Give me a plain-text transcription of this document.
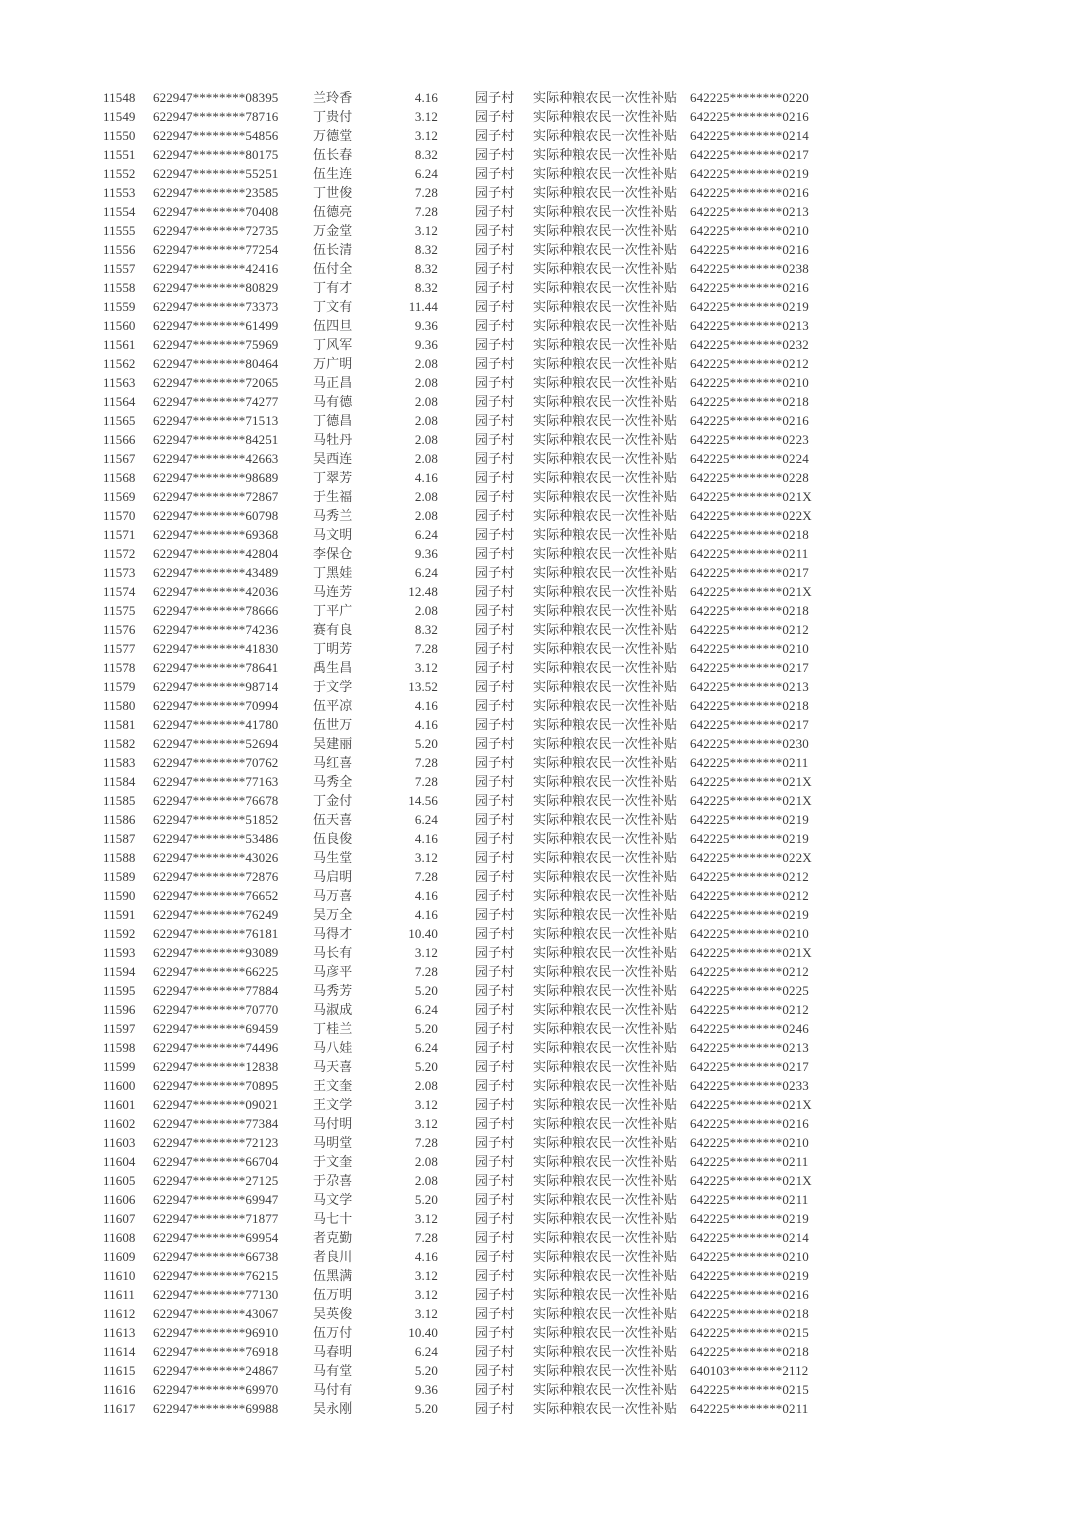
11548	622947********08395	兰玲香	4.16	园子村	实际种粮农民一次性补贴 642225********0220
11549	622947********78716	丁贵付	3.12	园子村	实际种粮农民一次性补贴 642225********0216
11550	622947********54856	万德堂	3.12	园子村	实际种粮农民一次性补贴 642225********0214
11551	622947********80175	伍长春	8.32	园子村	实际种粮农民一次性补贴 642225********0217
11552	622947********55251	伍生连	6.24	园子村	实际种粮农民一次性补贴 642225********0219
11553	622947********23585	丁世俊	7.28	园子村	实际种粮农民一次性补贴 642225********0216
11554	622947********70408	伍德亮	7.28	园子村	实际种粮农民一次性补贴 642225********0213
11555	622947********72735	万金堂	3.12	园子村	实际种粮农民一次性补贴 642225********0210
11556	622947********77254	伍长清	8.32	园子村	实际种粮农民一次性补贴 642225********0216
11557	622947********42416	伍付全	8.32	园子村	实际种粮农民一次性补贴 642225********0238
11558	622947********80829	丁有才	8.32	园子村	实际种粮农民一次性补贴 642225********0216
11559	622947********73373	丁文有	11.44	园子村	实际种粮农民一次性补贴 642225********0219
11560	622947********61499	伍四旦	9.36	园子村	实际种粮农民一次性补贴 642225********0213
11561	622947********75969	丁风军	9.36	园子村	实际种粮农民一次性补贴 642225********0232
11562	622947********80464	万广明	2.08	园子村	实际种粮农民一次性补贴 642225********0212
11563	622947********72065	马正昌	2.08	园子村	实际种粮农民一次性补贴 642225********0210
11564	622947********74277	马有德	2.08	园子村	实际种粮农民一次性补贴 642225********0218
11565	622947********71513	丁德昌	2.08	园子村	实际种粮农民一次性补贴 642225********0216
11566	622947********84251	马牡丹	2.08	园子村	实际种粮农民一次性补贴 642225********0223
11567	622947********42663	吴西连	2.08	园子村	实际种粮农民一次性补贴 642225********0224
11568	622947********98689	丁翠芳	4.16	园子村	实际种粮农民一次性补贴 642225********0228
11569	622947********72867	于生福	2.08	园子村	实际种粮农民一次性补贴 642225********021X
11570	622947********60798	马秀兰	2.08	园子村	实际种粮农民一次性补贴 642225********022X
11571	622947********69368	马文明	6.24	园子村	实际种粮农民一次性补贴 642225********0218
11572	622947********42804	李保仓	9.36	园子村	实际种粮农民一次性补贴 642225********0211
11573	622947********43489	丁黑娃	6.24	园子村	实际种粮农民一次性补贴 642225********0217
11574	622947********42036	马连芳	12.48	园子村	实际种粮农民一次性补贴 642225********021X
11575	622947********78666	丁平广	2.08	园子村	实际种粮农民一次性补贴 642225********0218
11576	622947********74236	赛有良	8.32	园子村	实际种粮农民一次性补贴 642225********0212
11577	622947********41830	丁明芳	7.28	园子村	实际种粮农民一次性补贴 642225********0210
11578	622947********78641	禹生昌	3.12	园子村	实际种粮农民一次性补贴 642225********0217
11579	622947********98714	于文学	13.52	园子村	实际种粮农民一次性补贴 642225********0213
11580	622947********70994	伍平凉	4.16	园子村	实际种粮农民一次性补贴 642225********0218
11581	622947********41780	伍世万	4.16	园子村	实际种粮农民一次性补贴 642225********0217
11582	622947********52694	吴建丽	5.20	园子村	实际种粮农民一次性补贴 642225********0230
11583	622947********70762	马红喜	7.28	园子村	实际种粮农民一次性补贴 642225********0211
11584	622947********77163	马秀全	7.28	园子村	实际种粮农民一次性补贴 642225********021X
11585	622947********76678	丁金付	14.56	园子村	实际种粮农民一次性补贴 642225********021X
11586	622947********51852	伍天喜	6.24	园子村	实际种粮农民一次性补贴 642225********0219
11587	622947********53486	伍良俊	4.16	园子村	实际种粮农民一次性补贴 642225********0219
11588	622947********43026	马生堂	3.12	园子村	实际种粮农民一次性补贴 642225********022X
11589	622947********72876	马启明	7.28	园子村	实际种粮农民一次性补贴 642225********0212
11590	622947********76652	马万喜	4.16	园子村	实际种粮农民一次性补贴 642225********0212
11591	622947********76249	吴万全	4.16	园子村	实际种粮农民一次性补贴 642225********0219
11592	622947********76181	马得才	10.40	园子村	实际种粮农民一次性补贴 642225********0210
11593	622947********93089	马长有	3.12	园子村	实际种粮农民一次性补贴 642225********021X
11594	622947********66225	马彦平	7.28	园子村	实际种粮农民一次性补贴 642225********0212
11595	622947********77884	马秀芳	5.20	园子村	实际种粮农民一次性补贴 642225********0225
11596	622947********70770	马淑成	6.24	园子村	实际种粮农民一次性补贴 642225********0212
11597	622947********69459	丁桂兰	5.20	园子村	实际种粮农民一次性补贴 642225********0246
11598	622947********74496	马八娃	6.24	园子村	实际种粮农民一次性补贴 642225********0213
11599	622947********12838	马天喜	5.20	园子村	实际种粮农民一次性补贴 642225********0217
11600	622947********70895	王文奎	2.08	园子村	实际种粮农民一次性补贴 642225********0233
11601	622947********09021	王文学	3.12	园子村	实际种粮农民一次性补贴 642225********021X
11602	622947********77384	马付明	3.12	园子村	实际种粮农民一次性补贴 642225********0216
11603	622947********72123	马明堂	7.28	园子村	实际种粮农民一次性补贴 642225********0210
11604	622947********66704	于文奎	2.08	园子村	实际种粮农民一次性补贴 642225********0211
11605	622947********27125	于尕喜	2.08	园子村	实际种粮农民一次性补贴 642225********021X
11606	622947********69947	马文学	5.20	园子村	实际种粮农民一次性补贴 642225********0211
11607	622947********71877	马七十	3.12	园子村	实际种粮农民一次性补贴 642225********0219
11608	622947********69954	者克勤	7.28	园子村	实际种粮农民一次性补贴 642225********0214
11609	622947********66738	者良川	4.16	园子村	实际种粮农民一次性补贴 642225********0210
11610	622947********76215	伍黑满	3.12	园子村	实际种粮农民一次性补贴 642225********0219
11611	622947********77130	伍万明	3.12	园子村	实际种粮农民一次性补贴 642225********0216
11612	622947********43067	吴英俊	3.12	园子村	实际种粮农民一次性补贴 642225********0218
11613	622947********96910	伍万付	10.40	园子村	实际种粮农民一次性补贴 642225********0215
11614	622947********76918	马春明	6.24	园子村	实际种粮农民一次性补贴 642225********0218
11615	622947********24867	马有堂	5.20	园子村	实际种粮农民一次性补贴 640103********2112
11616	622947********69970	马付有	9.36	园子村	实际种粮农民一次性补贴 642225********0215
11617	622947********69988	吴永刚	5.20	园子村	实际种粮农民一次性补贴 642225********0211
